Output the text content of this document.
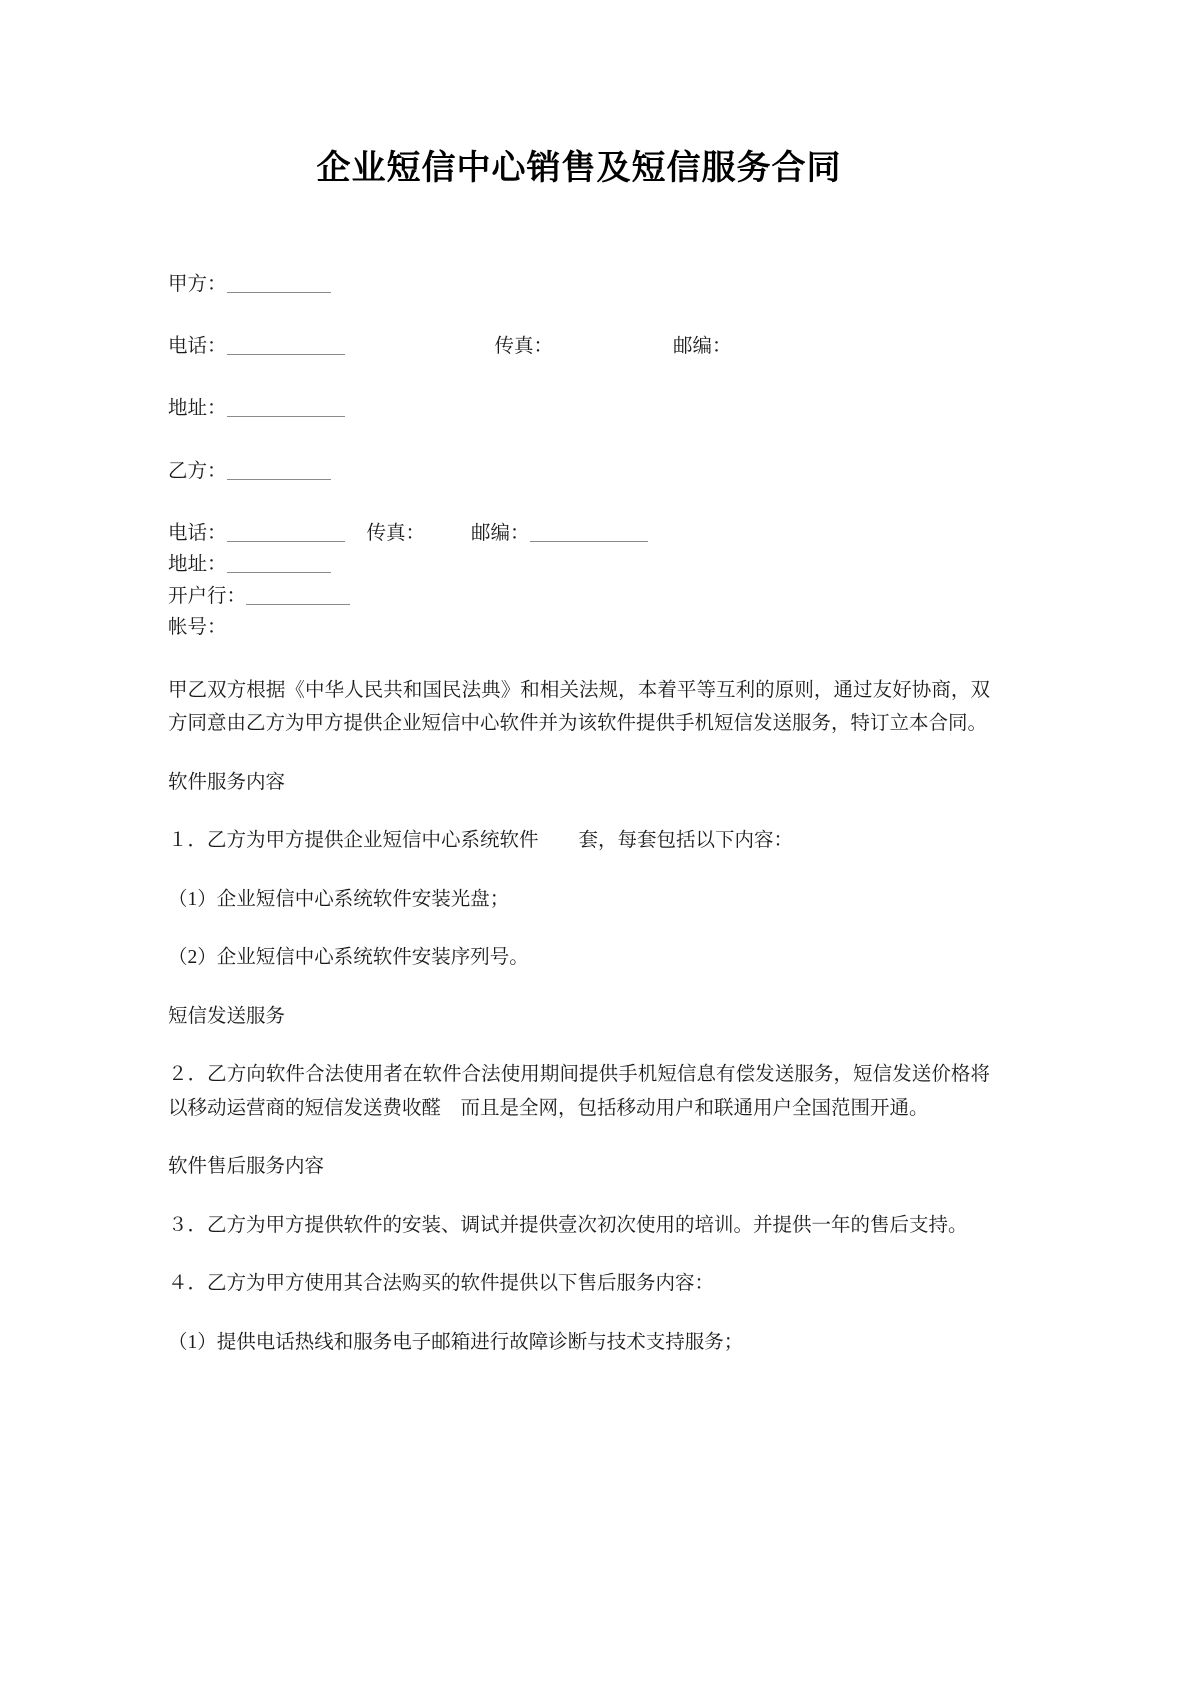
企业短信中心销售及短信服务合同
甲方：
电话：	传真：	邮编：
地址：
乙方：
电话：	传真： 邮编：
地址：
开户行：
帐号：

甲乙双方根据《中华人民共和国民法典》和相关法规，本着平等互利的原则，通过友好协商，双方同意由乙方为甲方提供企业短信中心软件并为该软件提供手机短信发送服务，特订立本合同。

软件服务内容

１．乙方为甲方提供企业短信中心系统软件 套，每套包括以下内容：

（1）企业短信中心系统软件安装光盘；

（2）企业短信中心系统软件安装序列号。

短信发送服务

２．乙方向软件合法使用者在软件合法使用期间提供手机短信息有偿发送服务，短信发送价格将以移动运营商的短信发送费收醛　而且是全网，包括移动用户和联通用户全国范围开通。

软件售后服务内容

３．乙方为甲方提供软件的安装、调试并提供壹次初次使用的培训。并提供一年的售后支持。

４．乙方为甲方使用其合法购买的软件提供以下售后服务内容：

（1）提供电话热线和服务电子邮箱进行故障诊断与技术支持服务；
